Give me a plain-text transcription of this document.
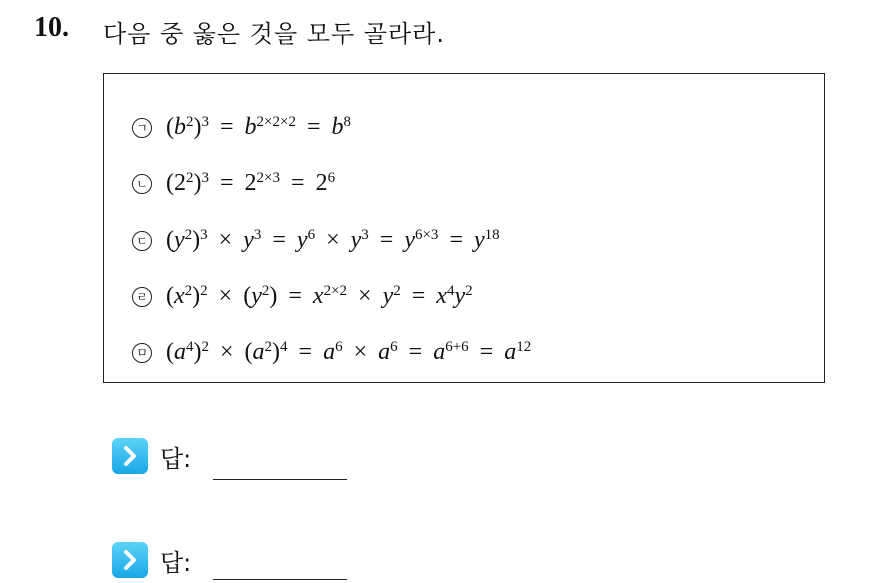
10. 다음 중 옳은 것을 모두 골라라.
ㄱ $(b^2)^3 = b^{2\times 2\times 2} = b^8$
ㄴ $(2^2)^3 = 2^{2\times 3} = 2^6$
ㄷ $(y^2)^3 \times y^3 = y^6 \times y^3 = y^{6\times 3} = y^{18}$
ㄹ $(x^2)^2 \times (y^2) = x^{2\times 2} \times y^2 = x^4y^2$
ㅁ $(a^4)^2 \times (a^2)^4 = a^6 \times a^6 = a^{6+6} = a^{12}$
답:
답:
